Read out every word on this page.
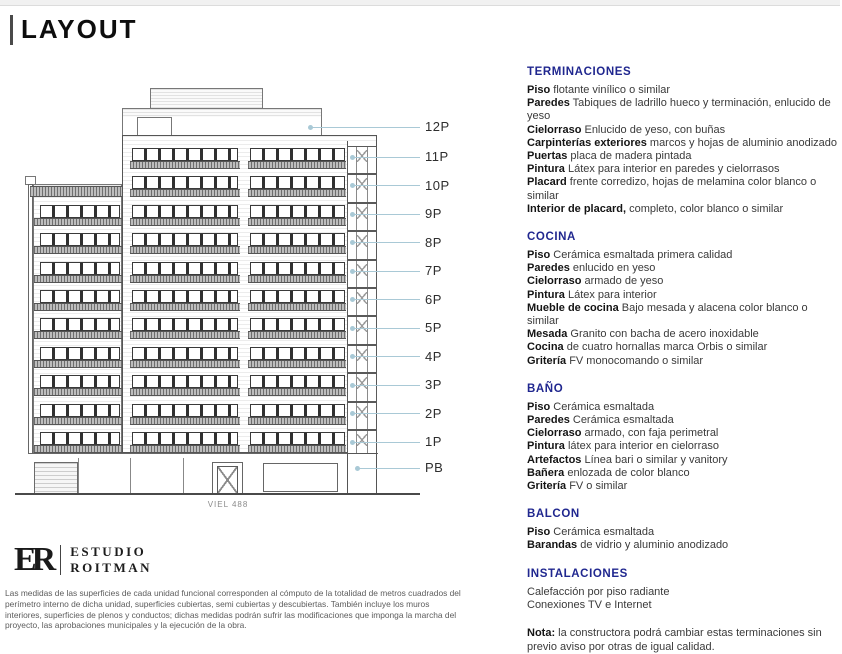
LAYOUT
VIEL 488
12P
11P
10P
9P
8P
7P
6P
5P
4P
3P
2P
1P
PB
TERMINACIONES
Piso flotante vinílico o similar
Paredes Tabiques de ladrillo hueco y terminación, enlucido de yeso
Cielorraso Enlucido de yeso, con buñas
Carpinterías exteriores marcos y hojas de aluminio anodizado
Puertas placa de madera pintada
Pintura Látex para interior en paredes y cielorrasos
Placard frente corredizo, hojas de melamina color blanco o similar
Interior de placard, completo, color blanco o similar
COCINA
Piso Cerámica esmaltada primera calidad
Paredes enlucido en yeso
Cielorraso armado de yeso
Pintura Látex para interior
Mueble de cocina Bajo mesada y alacena color blanco o similar
Mesada Granito con bacha de acero inoxidable
Cocina de cuatro hornallas marca Orbis o similar
Gritería FV monocomando o similar
BAÑO
Piso Cerámica esmaltada
Paredes Cerámica esmaltada
Cielorraso armado, con faja perimetral
Pintura látex para interior en cielorraso
Artefactos Línea bari o similar y vanitory
Bañera enlozada de color blanco
Gritería FV o similar
BALCON
Piso Cerámica esmaltada
Barandas de vidrio y aluminio anodizado
INSTALACIONES
Calefacción por piso radiante
Conexiones TV e Internet
Nota: la constructora podrá cambiar estas terminaciones sin previo aviso por otras de igual calidad.
ER	ESTUDIO
ROITMAN
Las medidas de las superficies de cada unidad funcional corresponden al cómputo de la totalidad de metros cuadrados del perímetro interno de dicha unidad, superficies cubiertas, semi cubiertas y descubiertas. También incluye los muros interiores, superficies de plenos y conductos; dichas medidas podrán sufrir las modificaciones que imponga la marcha del proyecto, las aprobaciones municipales y la ejecución de la obra.
